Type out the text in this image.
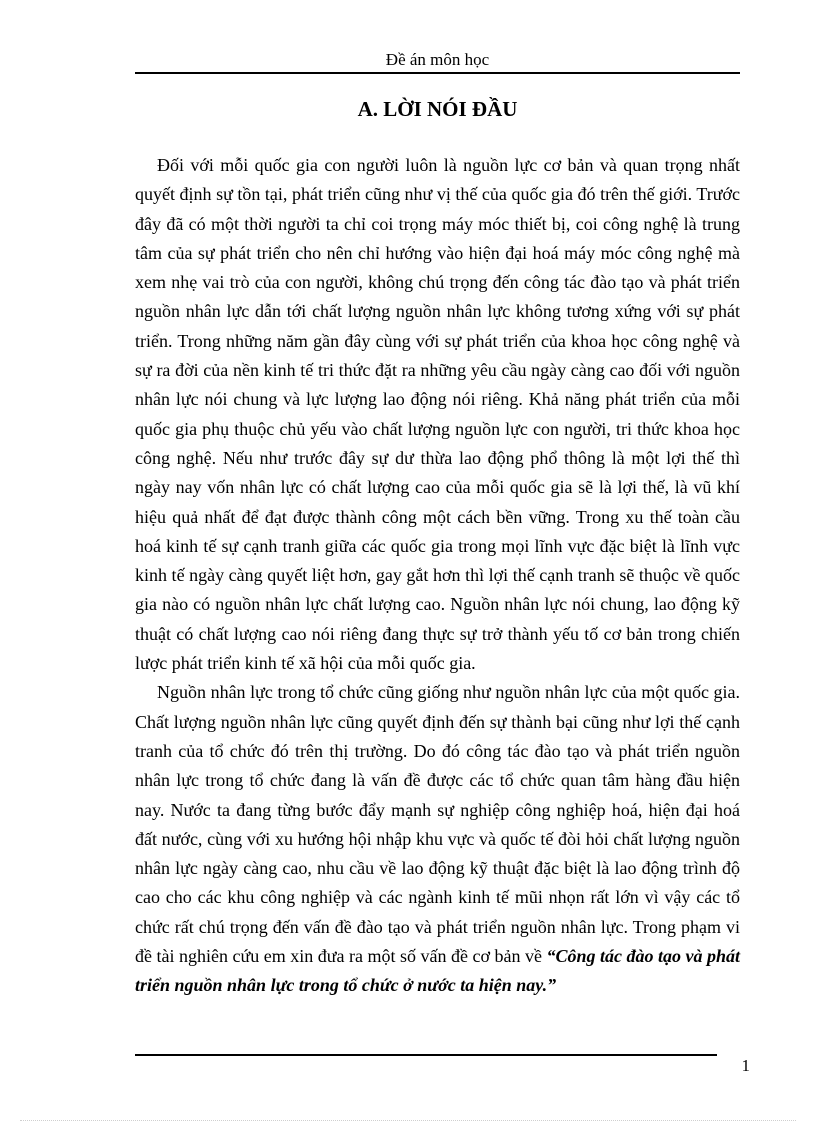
Đề án môn học
A. LỜI NÓI ĐẦU

Đối với mỗi quốc gia con người luôn là nguồn lực cơ bản và quan trọng nhất quyết định sự tồn tại, phát triển cũng như vị thế của quốc gia đó trên thế giới. Trước đây đã có một thời người ta chỉ coi trọng máy móc thiết bị, coi công nghệ là trung tâm của sự phát triển cho nên chỉ hướng vào hiện đại hoá máy móc công nghệ mà xem nhẹ vai trò của con người, không chú trọng đến công tác đào tạo và phát triển nguồn nhân lực dẫn tới chất lượng nguồn nhân lực không tương xứng với sự phát triển. Trong những năm gần đây cùng với sự phát triển của khoa học công nghệ và sự ra đời của nền kinh tế tri thức đặt ra những yêu cầu ngày càng cao đối với nguồn nhân lực nói chung và lực lượng lao động nói riêng. Khả năng phát triển của mỗi quốc gia phụ thuộc chủ yếu vào chất lượng nguồn lực con người, tri thức khoa học công nghệ. Nếu như trước đây sự dư thừa lao động phổ thông là một lợi thế thì ngày nay vốn nhân lực có chất lượng cao của mỗi quốc gia sẽ là lợi thế, là vũ khí hiệu quả nhất để đạt được thành công một cách bền vững. Trong xu thế toàn cầu hoá kinh tế sự cạnh tranh giữa các quốc gia trong mọi lĩnh vực đặc biệt là lĩnh vực kinh tế ngày càng quyết liệt hơn, gay gắt hơn thì lợi thế cạnh tranh sẽ thuộc về quốc gia nào có nguồn nhân lực chất lượng cao. Nguồn nhân lực nói chung, lao động kỹ thuật có chất lượng cao nói riêng đang thực sự trở thành yếu tố cơ bản trong chiến lược phát triển kinh tế xã hội của mỗi quốc gia.

Nguồn nhân lực trong tổ chức cũng giống như nguồn nhân lực của một quốc gia. Chất lượng nguồn nhân lực cũng quyết định đến sự thành bại cũng như lợi thế cạnh tranh của tổ chức đó trên thị trường. Do đó công tác đào tạo và phát triển nguồn nhân lực trong tổ chức đang là vấn đề được các tổ chức quan tâm hàng đầu hiện nay. Nước ta đang từng bước đẩy mạnh sự nghiệp công nghiệp hoá, hiện đại hoá đất nước, cùng với xu hướng hội nhập khu vực và quốc tế đòi hỏi chất lượng nguồn nhân lực ngày càng cao, nhu cầu về lao động kỹ thuật đặc biệt là lao động trình độ cao cho các khu công nghiệp và các ngành kinh tế mũi nhọn rất lớn vì vậy các tổ chức rất chú trọng đến vấn đề đào tạo và phát triển nguồn nhân lực. Trong phạm vi đề tài nghiên cứu em xin đưa ra một số vấn đề cơ bản về “Công tác đào tạo và phát triển nguồn nhân lực trong tổ chức ở nước ta hiện nay.”

1
